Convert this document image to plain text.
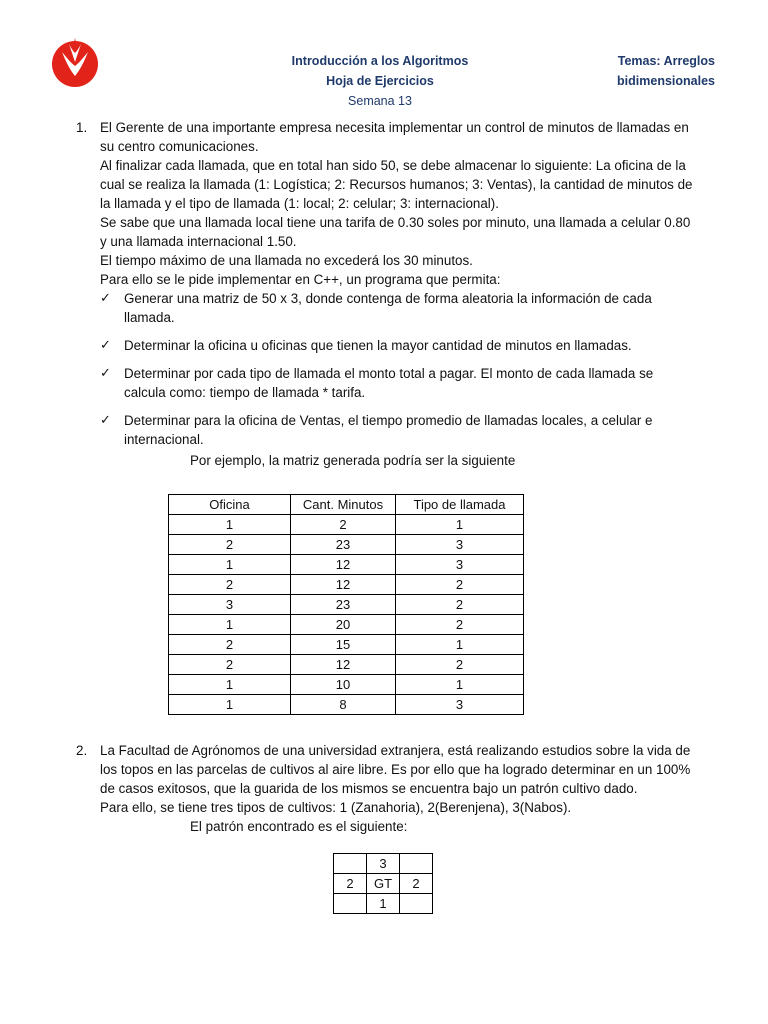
Introducción a los Algoritmos
Hoja de Ejercicios
Semana 13
Temas: Arreglos
bidimensionales
1. El Gerente de una importante empresa necesita implementar un control de minutos de llamadas en
su centro comunicaciones.
Al finalizar cada llamada, que en total han sido 50, se debe almacenar lo siguiente: La oficina de la
cual se realiza la llamada (1: Logística; 2: Recursos humanos; 3: Ventas), la cantidad de minutos de
la llamada y el tipo de llamada (1: local; 2: celular; 3: internacional).
Se sabe que una llamada local tiene una tarifa de 0.30 soles por minuto, una llamada a celular 0.80
y una llamada internacional 1.50.
El tiempo máximo de una llamada no excederá los 30 minutos.
Para ello se le pide implementar en C++, un programa que permita:
✓ Generar una matriz de 50 x 3, donde contenga de forma aleatoria la información de cada
llamada.
✓ Determinar la oficina u oficinas que tienen la mayor cantidad de minutos en llamadas.
✓ Determinar por cada tipo de llamada el monto total a pagar. El monto de cada llamada se
calcula como: tiempo de llamada * tarifa.
✓ Determinar para la oficina de Ventas, el tiempo promedio de llamadas locales, a celular e
internacional.
Por ejemplo, la matriz generada podría ser la siguiente
Oficina	Cant. Minutos	Tipo de llamada
1	2	1
2	23	3
1	12	3
2	12	2
3	23	2
1	20	2
2	15	1
2	12	2
1	10	1
1	8	3
2. La Facultad de Agrónomos de una universidad extranjera, está realizando estudios sobre la vida de
los topos en las parcelas de cultivos al aire libre. Es por ello que ha logrado determinar en un 100%
de casos exitosos, que la guarida de los mismos se encuentra bajo un patrón cultivo dado.
Para ello, se tiene tres tipos de cultivos: 1 (Zanahoria), 2(Berenjena), 3(Nabos).
El patrón encontrado es el siguiente:
	3	
2	GT	2
	1	
